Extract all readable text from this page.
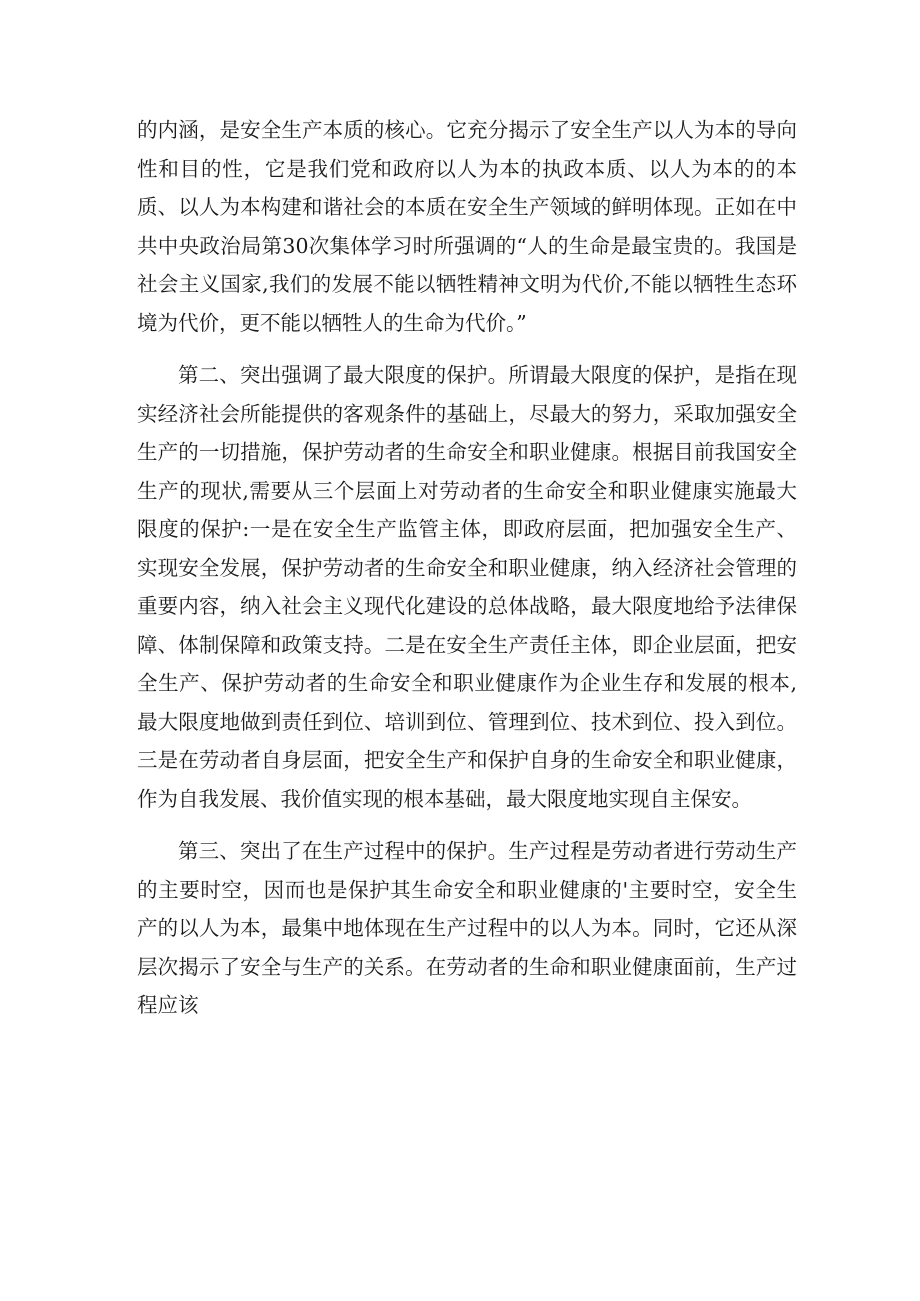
的内涵，是安全生产本质的核心。它充分揭示了安全生产以人为本的导向性和目的性，它是我们党和政府以人为本的执政本质、以人为本的的本质、以人为本构建和谐社会的本质在安全生产领域的鲜明体现。正如在中共中央政治局第30次集体学习时所强调的“人的生命是最宝贵的。我国是社会主义国家,我们的发展不能以牺牲精神文明为代价,不能以牺牲生态环境为代价，更不能以牺牲人的生命为代价。”

第二、突出强调了最大限度的保护。所谓最大限度的保护，是指在现实经济社会所能提供的客观条件的基础上，尽最大的努力，采取加强安全生产的一切措施，保护劳动者的生命安全和职业健康。根据目前我国安全生产的现状,需要从三个层面上对劳动者的生命安全和职业健康实施最大限度的保护:一是在安全生产监管主体，即政府层面，把加强安全生产、实现安全发展，保护劳动者的生命安全和职业健康，纳入经济社会管理的重要内容，纳入社会主义现代化建设的总体战略，最大限度地给予法律保障、体制保障和政策支持。二是在安全生产责任主体，即企业层面，把安全生产、保护劳动者的生命安全和职业健康作为企业生存和发展的根本,最大限度地做到责任到位、培训到位、管理到位、技术到位、投入到位。三是在劳动者自身层面，把安全生产和保护自身的生命安全和职业健康，作为自我发展、我价值实现的根本基础，最大限度地实现自主保安。

第三、突出了在生产过程中的保护。生产过程是劳动者进行劳动生产的主要时空，因而也是保护其生命安全和职业健康的'主要时空，安全生产的以人为本，最集中地体现在生产过程中的以人为本。同时，它还从深层次揭示了安全与生产的关系。在劳动者的生命和职业健康面前，生产过程应该
